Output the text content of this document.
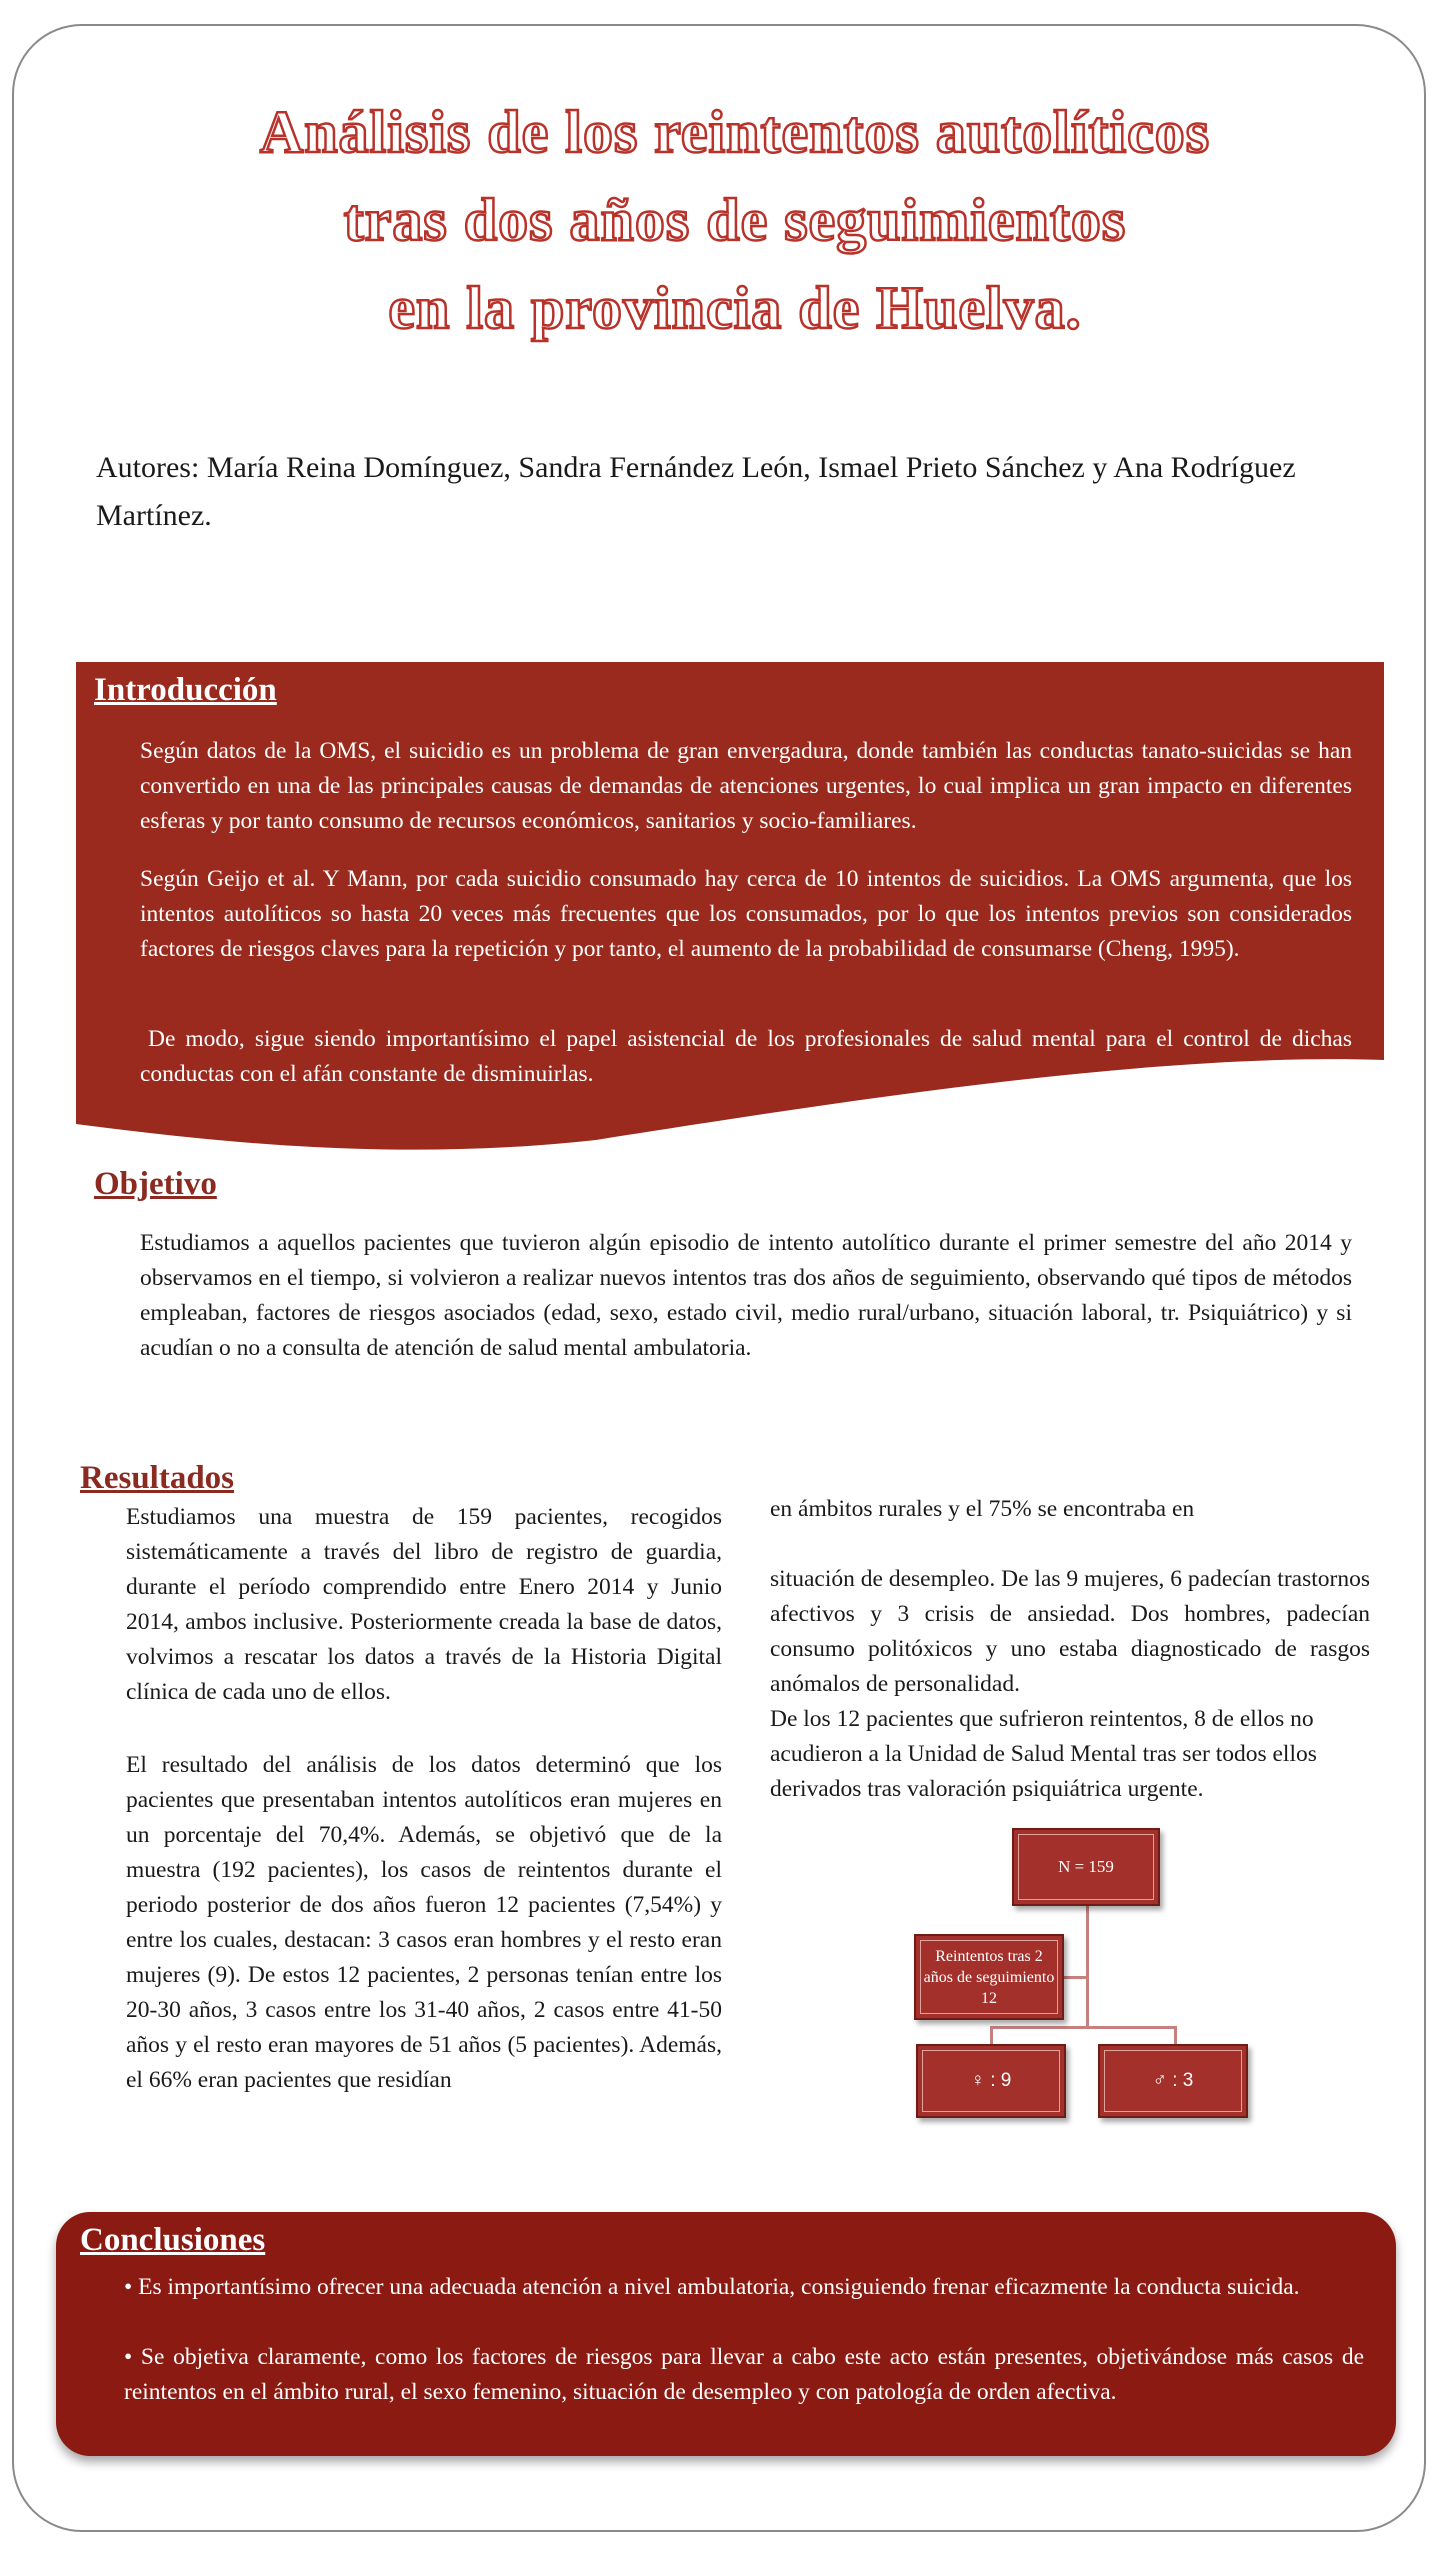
Análisis de los reintentos autolíticos
tras dos años de seguimientos
en la provincia de Huelva.
Autores: María Reina Domínguez, Sandra Fernández León, Ismael Prieto Sánchez y Ana Rodríguez Martínez.
Introducción
Según datos de la OMS, el suicidio es un problema de gran envergadura, donde también las conductas tanato-suicidas se han convertido en una de las principales causas de demandas de atenciones urgentes, lo cual implica un gran impacto en diferentes esferas y por tanto consumo de recursos económicos, sanitarios y socio-familiares.
Según Geijo et al. Y Mann, por cada suicidio consumado hay cerca de 10 intentos de suicidios. La OMS argumenta, que los intentos autolíticos so hasta 20 veces más frecuentes que los consumados, por lo que los intentos previos son considerados factores de riesgos claves para la repetición y por tanto, el aumento de la probabilidad de consumarse (Cheng, 1995).
De modo, sigue siendo importantísimo el papel asistencial de los profesionales de salud mental para el control de dichas conductas con el afán constante de disminuirlas.
Objetivo
Estudiamos a aquellos pacientes que tuvieron algún episodio de intento autolítico durante el primer semestre del año 2014 y observamos en el tiempo, si volvieron a realizar nuevos intentos tras dos años de seguimiento, observando qué tipos de métodos empleaban, factores de riesgos asociados (edad, sexo, estado civil, medio rural/urbano, situación laboral, tr. Psiquiátrico) y si acudían o no a consulta de atención de salud mental ambulatoria.
Resultados
Estudiamos una muestra de 159 pacientes, recogidos sistemáticamente a través del libro de registro de guardia, durante el período comprendido entre Enero 2014 y Junio 2014, ambos inclusive. Posteriormente creada la base de datos, volvimos a rescatar los datos a través de la Historia Digital clínica de cada uno de ellos.
El resultado del análisis de los datos determinó que los pacientes que presentaban intentos autolíticos eran mujeres en un porcentaje del 70,4%. Además, se objetivó que de la muestra (192 pacientes), los casos de reintentos durante el periodo posterior de dos años fueron 12 pacientes (7,54%) y entre los cuales, destacan: 3 casos eran hombres y el resto eran mujeres (9). De estos 12 pacientes, 2 personas tenían entre los 20-30 años, 3 casos entre los 31-40 años, 2 casos entre 41-50 años y el resto eran mayores de 51 años (5 pacientes). Además, el 66% eran pacientes que residían
en ámbitos rurales y el 75% se encontraba en
situación de desempleo. De las 9 mujeres, 6 padecían trastornos afectivos y 3 crisis de ansiedad. Dos hombres, padecían consumo politóxicos y uno estaba diagnosticado de rasgos anómalos de personalidad.
De los 12 pacientes que sufrieron reintentos, 8 de ellos no acudieron a la Unidad de Salud Mental tras ser todos ellos derivados tras valoración psiquiátrica urgente.
N = 159
Reintentos tras 2 años de seguimiento 12
♀ : 9	♂ : 3
Conclusiones
• Es importantísimo ofrecer una adecuada atención a nivel ambulatoria, consiguiendo frenar eficazmente la conducta suicida.
• Se objetiva claramente, como los factores de riesgos para llevar a cabo este acto están presentes, objetivándose más casos de reintentos en el ámbito rural, el sexo femenino, situación de desempleo y con patología de orden afectiva.
